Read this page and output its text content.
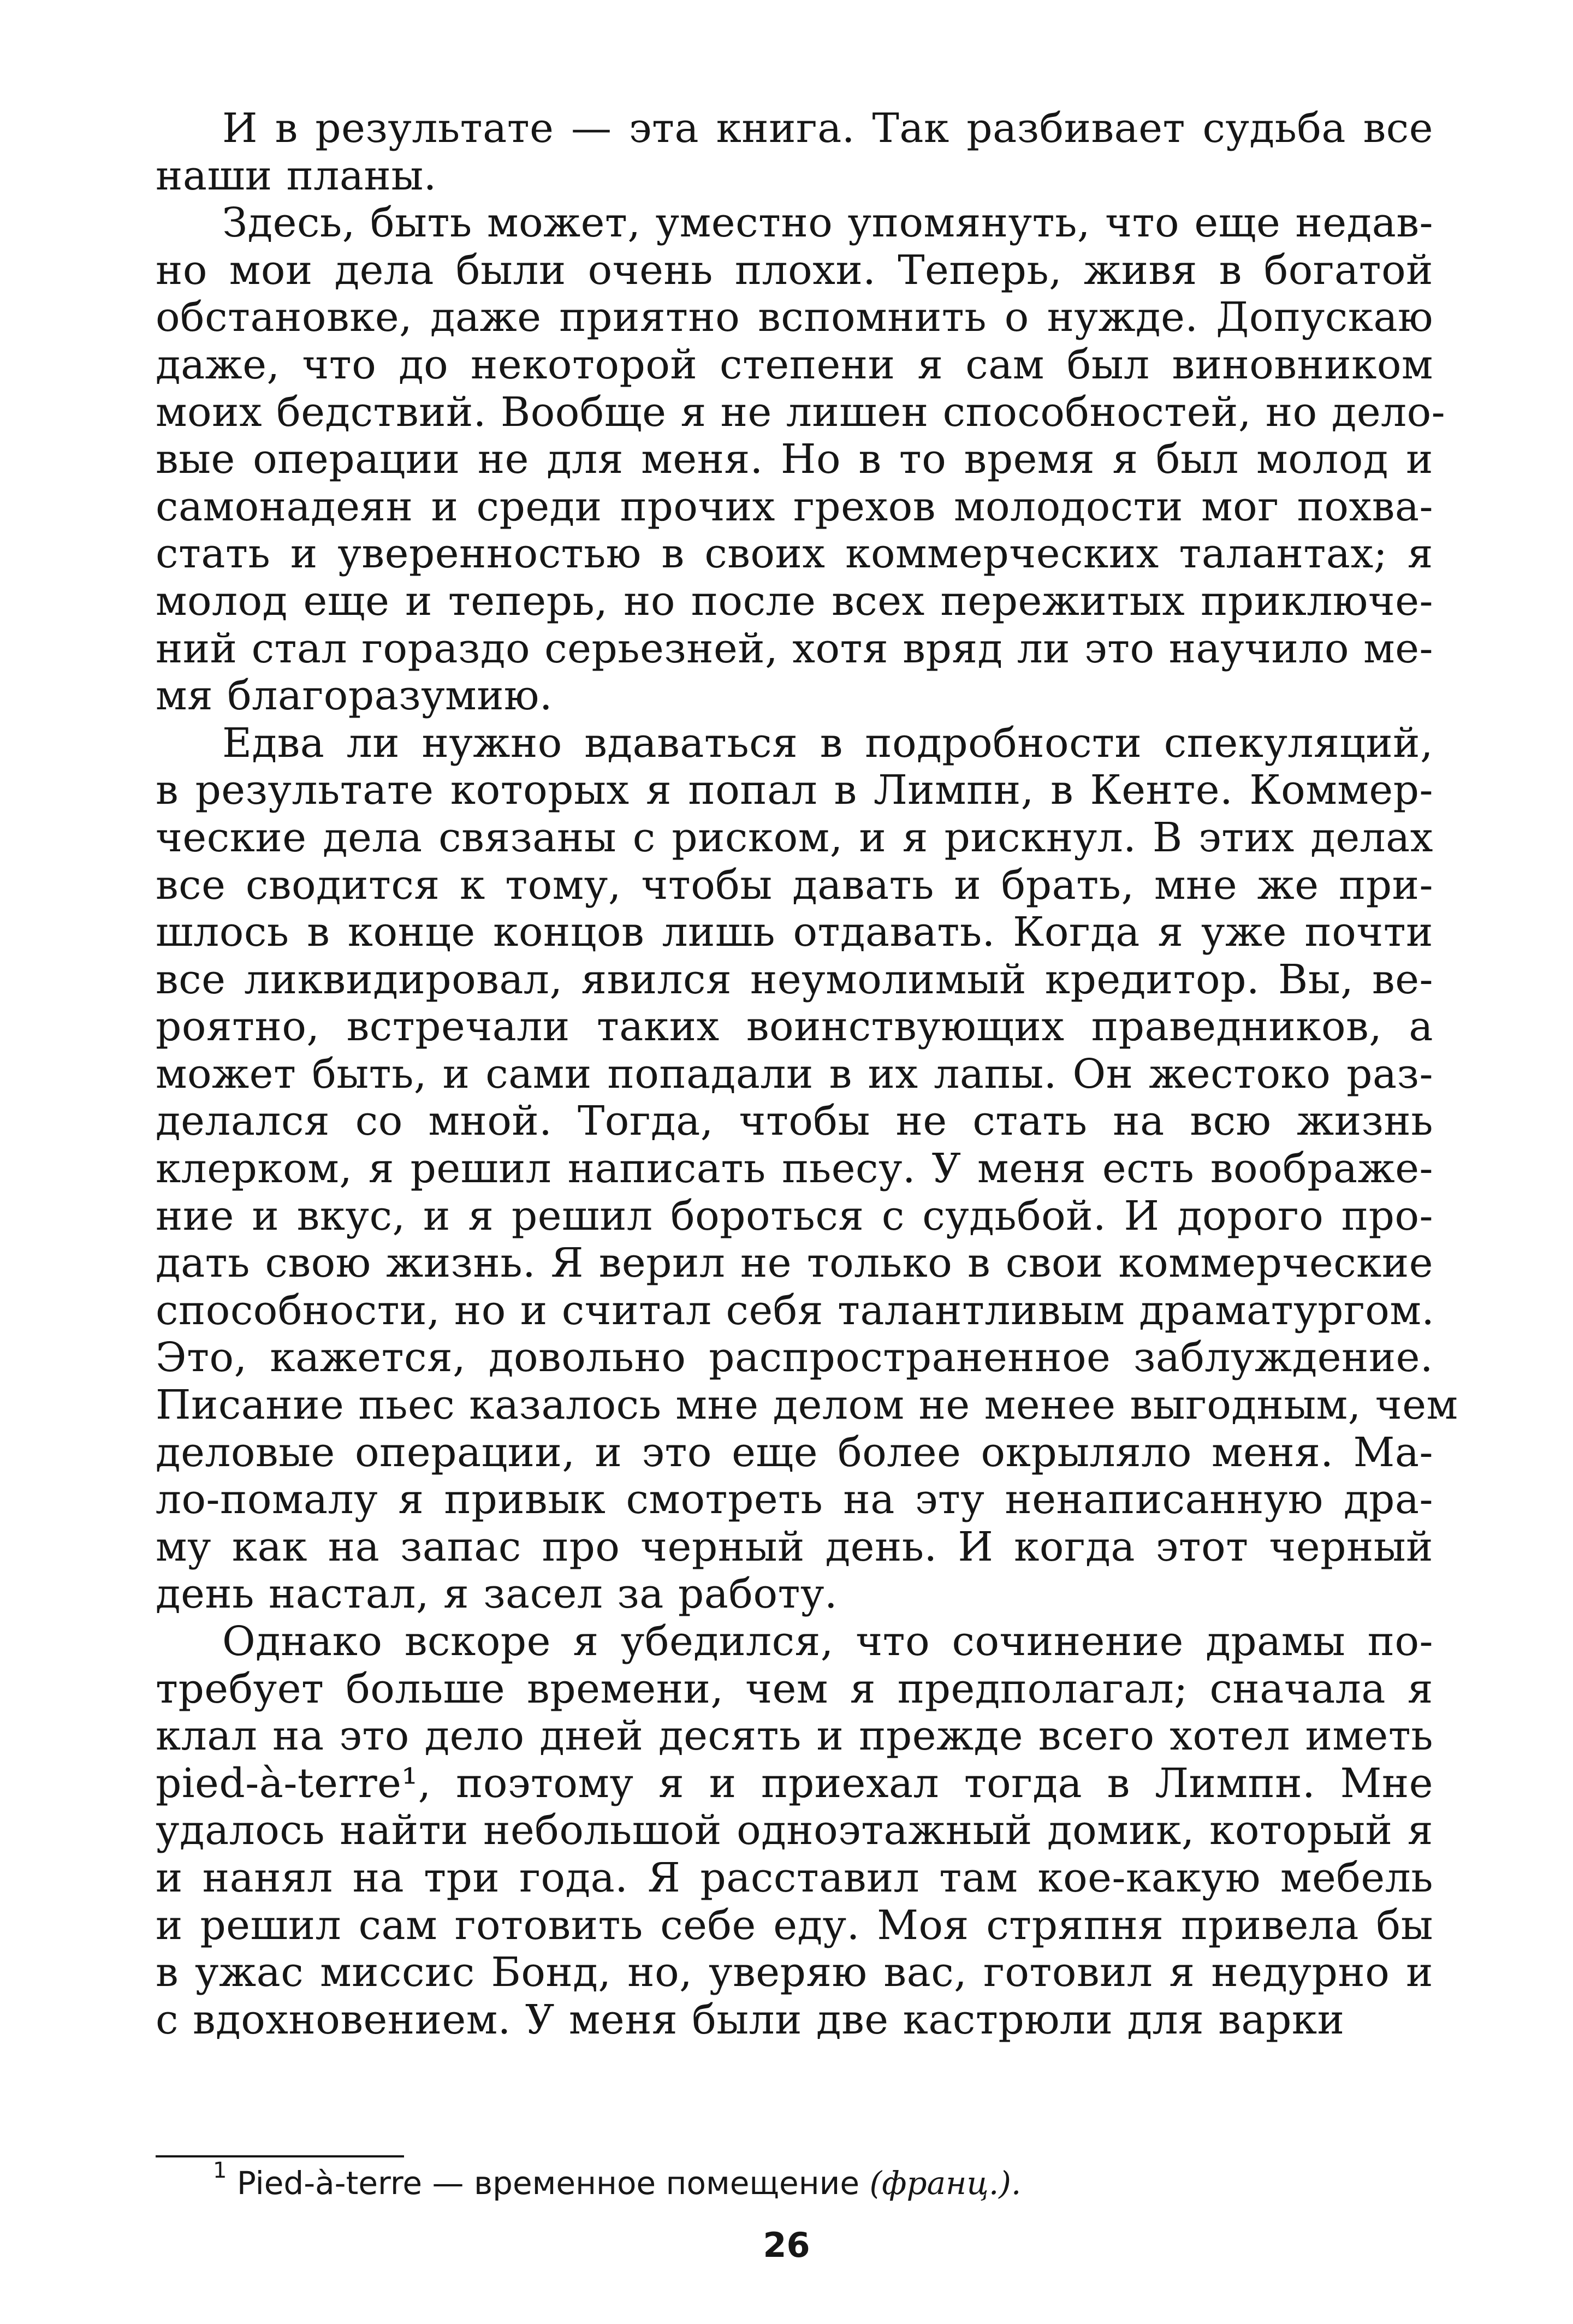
И в результате — эта книга. Так разбивает судьба все
наши планы.

Здесь, быть может, уместно упомянуть, что еще недав-
но мои дела были очень плохи. Теперь, живя в богатой
обстановке, даже приятно вспомнить о нужде. Допускаю
даже, что до некоторой степени я сам был виновником
моих бедствий. Вообще я не лишен способностей, но дело-
вые операции не для меня. Но в то время я был молод и
самонадеян и среди прочих грехов молодости мог похва-
стать и уверенностью в своих коммерческих талантах; я
молод еще и теперь, но после всех пережитых приключе-
ний стал гораздо серьезней, хотя вряд ли это научило ме-
мя благоразумию.

Едва ли нужно вдаваться в подробности спекуляций,
в результате которых я попал в Лимпн, в Кенте. Коммер-
ческие дела связаны с риском, и я рискнул. В этих делах
все сводится к тому, чтобы давать и брать, мне же при-
шлось в конце концов лишь отдавать. Когда я уже почти
все ликвидировал, явился неумолимый кредитор. Вы, ве-
роятно, встречали таких воинствующих праведников, а
может быть, и сами попадали в их лапы. Он жестоко раз-
делался со мной. Тогда, чтобы не стать на всю жизнь
клерком, я решил написать пьесу. У меня есть воображе-
ние и вкус, и я решил бороться с судьбой. И дорого про-
дать свою жизнь. Я верил не только в свои коммерческие
способности, но и считал себя талантливым драматургом.
Это, кажется, довольно распространенное заблуждение.
Писание пьес казалось мне делом не менее выгодным, чем
деловые операции, и это еще более окрыляло меня. Ма-
ло-помалу я привык смотреть на эту ненаписанную дра-
му как на запас про черный день. И когда этот черный
день настал, я засел за работу.

Однако вскоре я убедился, что сочинение драмы по-
требует больше времени, чем я предполагал; сначала я
клал на это дело дней десять и прежде всего хотел иметь
pied-à-terre¹, поэтому я и приехал тогда в Лимпн. Мне
удалось найти небольшой одноэтажный домик, который я
и нанял на три года. Я расставил там кое-какую мебель
и решил сам готовить себе еду. Моя стряпня привела бы
в ужас миссис Бонд, но, уверяю вас, готовил я недурно и
с вдохновением. У меня были две кастрюли для варки

$^1$ Pied-à-terre — временное помещение (франц.).
26
